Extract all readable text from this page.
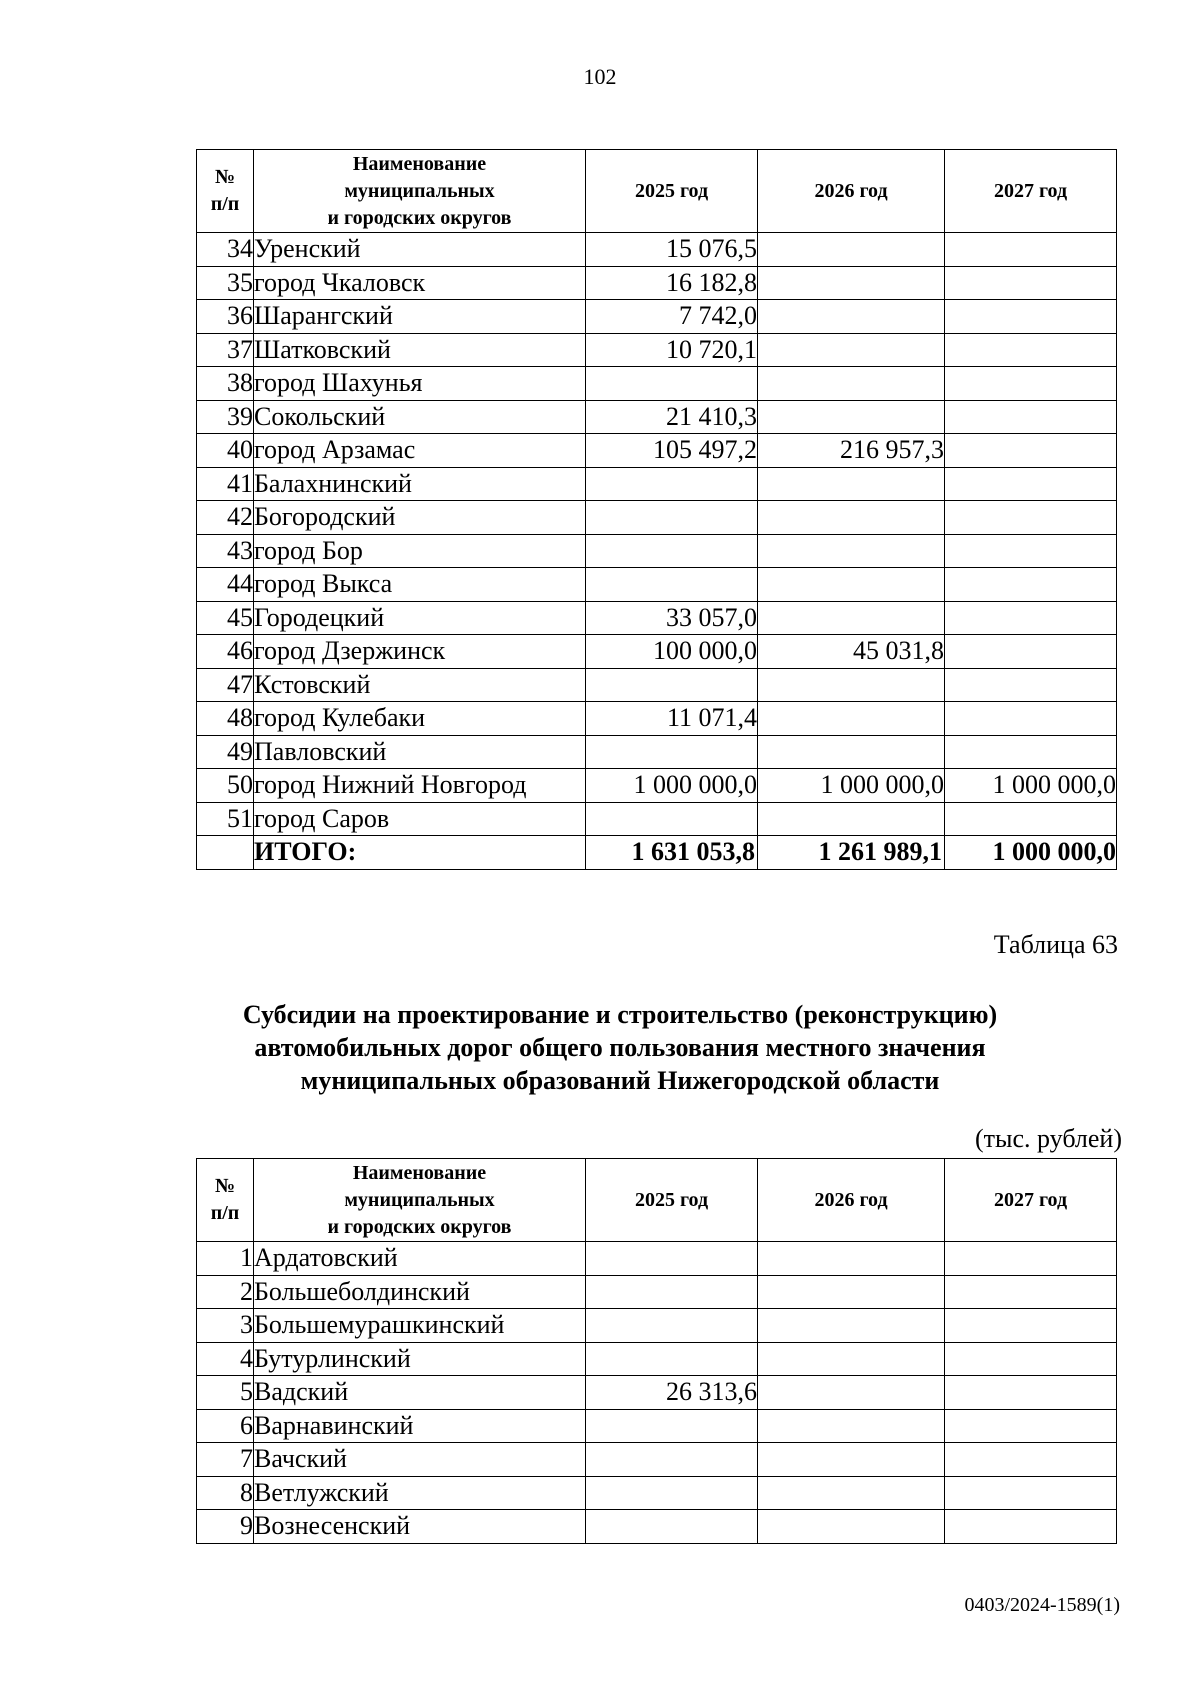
102
№
п/п	Наименование
муниципальных
и городских округов	2025 год	2026 год	2027 год
34	Уренский	15 076,5		
35	город Чкаловск	16 182,8		
36	Шарангский	7 742,0		
37	Шатковский	10 720,1		
38	город Шахунья			
39	Сокольский	21 410,3		
40	город Арзамас	105 497,2	216 957,3	
41	Балахнинский			
42	Богородский			
43	город Бор			
44	город Выкса			
45	Городецкий	33 057,0		
46	город Дзержинск	100 000,0	45 031,8	
47	Кстовский			
48	город Кулебаки	11 071,4		
49	Павловский			
50	город Нижний Новгород	1 000 000,0	1 000 000,0	1 000 000,0
51	город Саров			
	ИТОГО:	1 631 053,8	1 261 989,1	1 000 000,0
Таблица 63
Субсидии на проектирование и строительство (реконструкцию)
автомобильных дорог общего пользования местного значения
муниципальных образований Нижегородской области
(тыс. рублей)
№
п/п	Наименование
муниципальных
и городских округов	2025 год	2026 год	2027 год
1	Ардатовский			
2	Большеболдинский			
3	Большемурашкинский			
4	Бутурлинский			
5	Вадский	26 313,6		
6	Варнавинский			
7	Вачский			
8	Ветлужский			
9	Вознесенский			
0403/2024-1589(1)
